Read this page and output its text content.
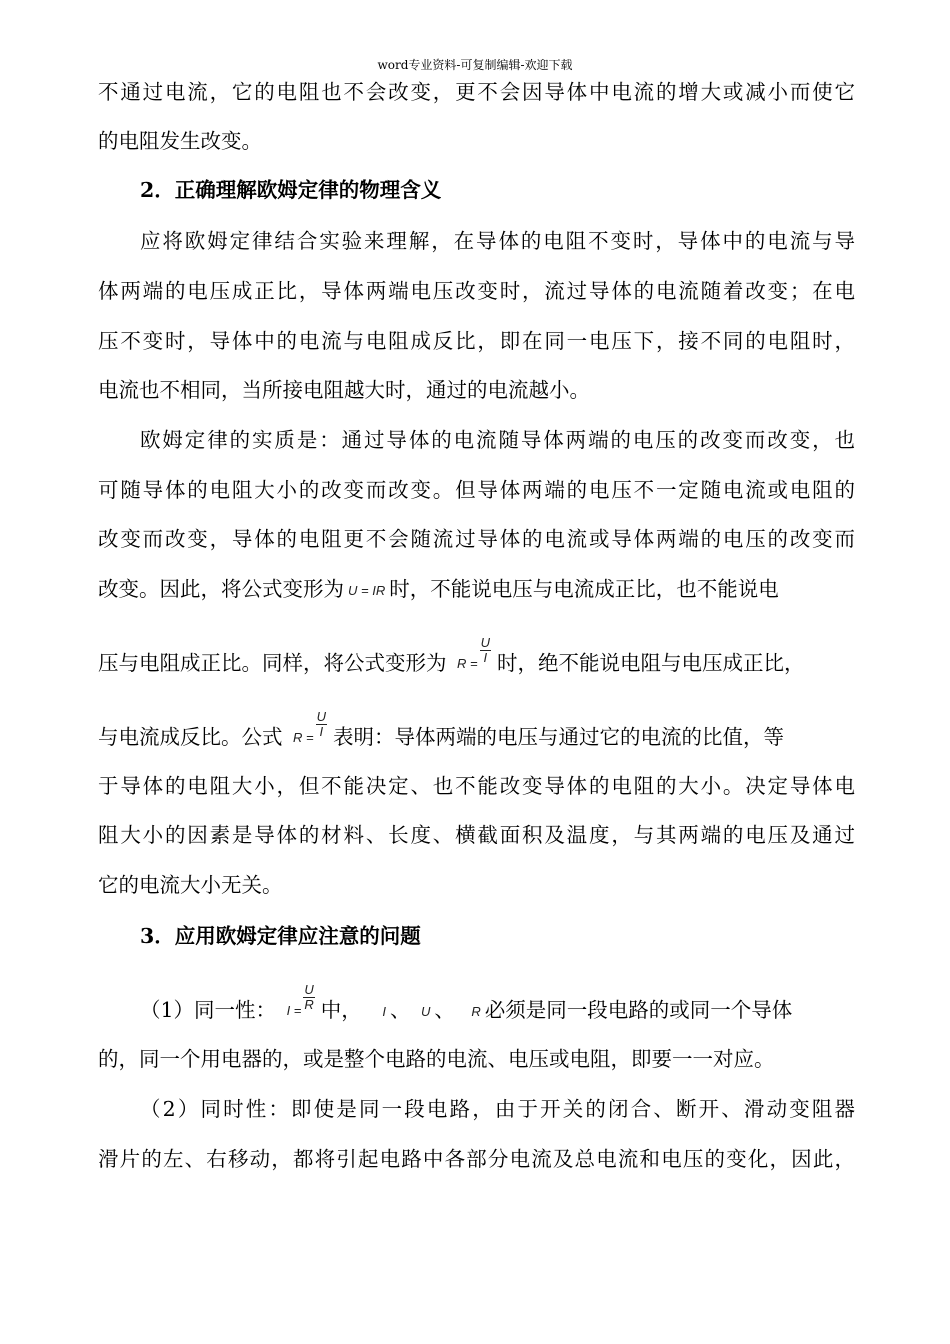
word专业资料-可复制编辑-欢迎下载
不通过电流，它的电阻也不会改变，更不会因导体中电流的增大或减小而使它
的电阻发生改变。
2．正确理解欧姆定律的物理含义
应将欧姆定律结合实验来理解，在导体的电阻不变时，导体中的电流与导
体两端的电压成正比，导体两端电压改变时，流过导体的电流随着改变；在电
压不变时，导体中的电流与电阻成反比，即在同一电压下，接不同的电阻时，
电流也不相同，当所接电阻越大时，通过的电流越小。
欧姆定律的实质是：通过导体的电流随导体两端的电压的改变而改变，也
可随导体的电阻大小的改变而改变。但导体两端的电压不一定随电流或电阻的
改变而改变，导体的电阻更不会随流过导体的电流或导体两端的电压的改变而
改变。因此，将公式变形为 U = IR 时，不能说电压与电流成正比，也不能说电
压与电阻成正比。同样，将公式变形为 $R = \frac{U}{I}$ 时，绝不能说电阻与电压成正比，
与电流成反比。公式 $R = \frac{U}{I}$ 表明：导体两端的电压与通过它的电流的比值，等
于导体的电阻大小，但不能决定、也不能改变导体的电阻的大小。决定导体电
阻大小的因素是导体的材料、长度、横截面积及温度，与其两端的电压及通过
它的电流大小无关。
3．应用欧姆定律应注意的问题
（1）同一性： $I = \frac{U}{R}$ 中， I 、 U 、 R 必须是同一段电路的或同一个导体
的，同一个用电器的，或是整个电路的电流、电压或电阻，即要一一对应。
（2）同时性：即使是同一段电路，由于开关的闭合、断开、滑动变阻器
滑片的左、右移动，都将引起电路中各部分电流及总电流和电压的变化，因此，
